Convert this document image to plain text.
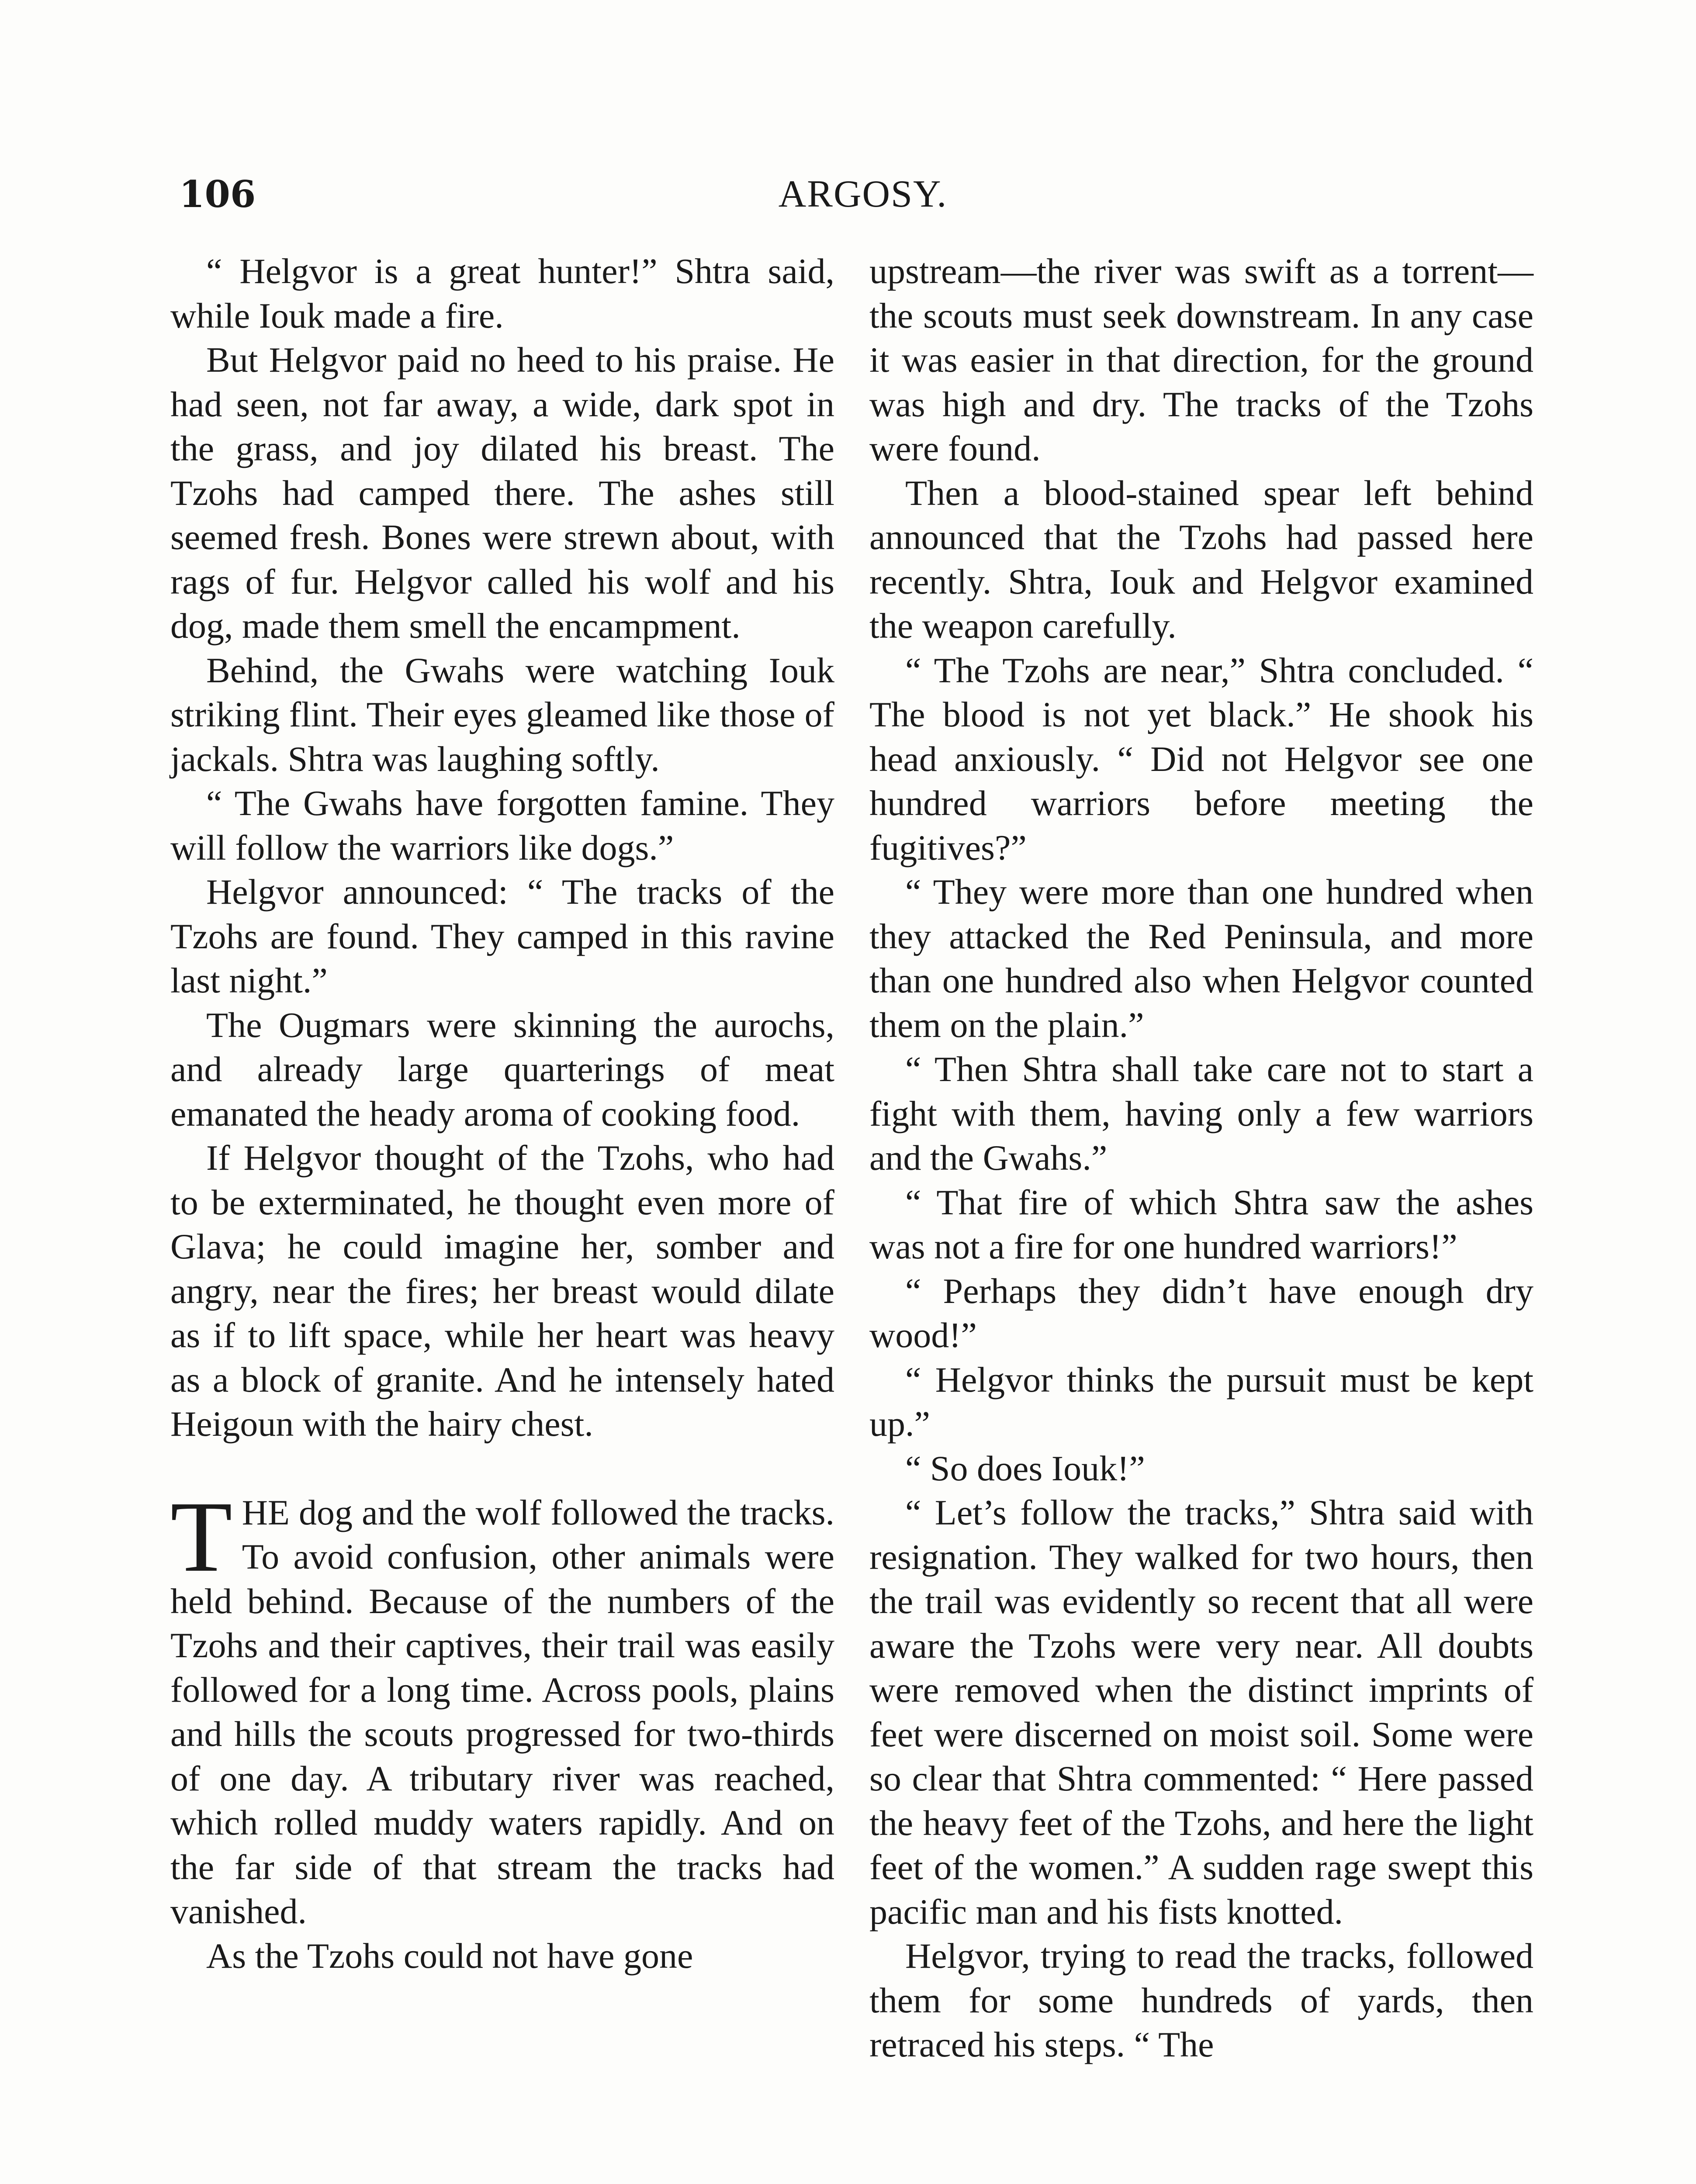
106	ARGOSY.

“ Helgvor is a great hunter!” Shtra said, while Iouk made a fire.

But Helgvor paid no heed to his praise. He had seen, not far away, a wide, dark spot in the grass, and joy dilated his breast. The Tzohs had camped there. The ashes still seemed fresh. Bones were strewn about, with rags of fur. Helgvor called his wolf and his dog, made them smell the encampment.

Behind, the Gwahs were watching Iouk striking flint. Their eyes gleamed like those of jackals. Shtra was laughing softly.

“ The Gwahs have forgotten famine. They will follow the warriors like dogs.”

Helgvor announced: “ The tracks of the Tzohs are found. They camped in this ravine last night.”

The Ougmars were skinning the aurochs, and already large quarterings of meat emanated the heady aroma of cooking food.

If Helgvor thought of the Tzohs, who had to be exterminated, he thought even more of Glava; he could imagine her, somber and angry, near the fires; her breast would dilate as if to lift space, while her heart was heavy as a block of granite. And he intensely hated Heigoun with the hairy chest.

THE dog and the wolf followed the tracks. To avoid confusion, other animals were held behind. Because of the numbers of the Tzohs and their captives, their trail was easily followed for a long time. Across pools, plains and hills the scouts progressed for two-thirds of one day. A tributary river was reached, which rolled muddy waters rapidly. And on the far side of that stream the tracks had vanished.

As the Tzohs could not have gone

upstream—the river was swift as a torrent—the scouts must seek downstream. In any case it was easier in that direction, for the ground was high and dry. The tracks of the Tzohs were found.

Then a blood-stained spear left behind announced that the Tzohs had passed here recently. Shtra, Iouk and Helgvor examined the weapon carefully.

“ The Tzohs are near,” Shtra concluded. “ The blood is not yet black.” He shook his head anxiously. “ Did not Helgvor see one hundred warriors before meeting the fugitives?”

“ They were more than one hundred when they attacked the Red Peninsula, and more than one hundred also when Helgvor counted them on the plain.”

“ Then Shtra shall take care not to start a fight with them, having only a few warriors and the Gwahs.”

“ That fire of which Shtra saw the ashes was not a fire for one hundred warriors!”

“ Perhaps they didn’t have enough dry wood!”

“ Helgvor thinks the pursuit must be kept up.”

“ So does Iouk!”

“ Let’s follow the tracks,” Shtra said with resignation. They walked for two hours, then the trail was evidently so recent that all were aware the Tzohs were very near. All doubts were removed when the distinct imprints of feet were discerned on moist soil. Some were so clear that Shtra commented: “ Here passed the heavy feet of the Tzohs, and here the light feet of the women.” A sudden rage swept this pacific man and his fists knotted.

Helgvor, trying to read the tracks, followed them for some hundreds of yards, then retraced his steps. “ The
